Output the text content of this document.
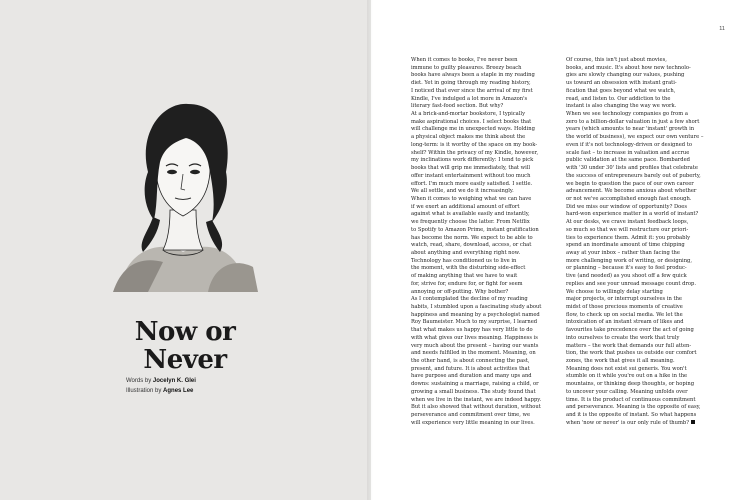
Now or
Never
Words by Jocelyn K. Glei
Illustration by Agnes Lee
11

When it comes to books, I've never been

immune to guilty pleasures. Breezy beach

books have always been a staple in my reading

diet. Yet in going through my reading history,

I noticed that ever since the arrival of my first

Kindle, I've indulged a lot more in Amazon's

literary fast-food section. But why?

At a brick-and-mortar bookstore, I typically

make aspirational choices. I select books that

will challenge me in unexpected ways. Holding

a physical object makes me think about the

long-term: is it worthy of the space on my book-

shelf? Within the privacy of my Kindle, however,

my inclinations work differently: I tend to pick

books that will grip me immediately, that will

offer instant entertainment without too much

effort. I'm much more easily satisfied. I settle.

We all settle, and we do it increasingly.

When it comes to weighing what we can have

if we exert an additional amount of effort

against what is available easily and instantly,

we frequently choose the latter. From Netflix

to Spotify to Amazon Prime, instant gratification

has become the norm. We expect to be able to

watch, read, share, download, access, or chat

about anything and everything right now.

Technology has conditioned us to live in

the moment, with the disturbing side-effect

of making anything that we have to wait

for, strive for, endure for, or fight for seem

annoying or off-putting. Why bother?

As I contemplated the decline of my reading

habits, I stumbled upon a fascinating study about

happiness and meaning by a psychologist named

Roy Baumeister. Much to my surprise, I learned

that what makes us happy has very little to do

with what gives our lives meaning. Happiness is

very much about the present – having our wants

and needs fulfilled in the moment. Meaning, on

the other hand, is about connecting the past,

present, and future. It is about activities that

have purpose and duration and many ups and

downs: sustaining a marriage, raising a child, or

growing a small business. The study found that

when we live in the instant, we are indeed happy.

But it also showed that without duration, without

perseverance and commitment over time, we

will experience very little meaning in our lives.

Of course, this isn't just about movies,

books, and music. It's about how new technolo-

gies are slowly changing our values, pushing

us toward an obsession with instant grati-

fication that goes beyond what we watch,

read, and listen to. Our addiction to the

instant is also changing the way we work.

When we see technology companies go from a

zero to a billion-dollar valuation in just a few short

years (which amounts to near 'instant' growth in

the world of business), we expect our own venture –

even if it's not technology-driven or designed to

scale fast – to increase in valuation and accrue

public validation at the same pace. Bombarded

with '30 under 30' lists and profiles that celebrate

the success of entrepreneurs barely out of puberty,

we begin to question the pace of our own career

advancement. We become anxious about whether

or not we've accomplished enough fast enough.

Did we miss our window of opportunity? Does

hard-won experience matter in a world of instant?

At our desks, we crave instant feedback loops,

so much so that we will restructure our priori-

ties to experience them. Admit it: you probably

spend an inordinate amount of time chipping

away at your inbox – rather than facing the

more challenging work of writing, or designing,

or planning – because it's easy to feel produc-

tive (and needed) as you shoot off a few quick

replies and see your unread message count drop.

We choose to willingly delay starting

major projects, or interrupt ourselves in the

midst of those precious moments of creative

flow, to check up on social media. We let the

intoxication of an instant stream of likes and

favourites take precedence over the act of going

into ourselves to create the work that truly

matters – the work that demands our full atten-

tion, the work that pushes us outside our comfort

zones, the work that gives it all meaning.

Meaning does not exist sui generis. You won't

stumble on it while you're out on a hike in the

mountains, or thinking deep thoughts, or hoping

to uncover your calling. Meaning unfolds over

time. It is the product of continuous commitment

and perseverance. Meaning is the opposite of easy,

and it is the opposite of instant. So what happens

when 'now or never' is our only rule of thumb?
